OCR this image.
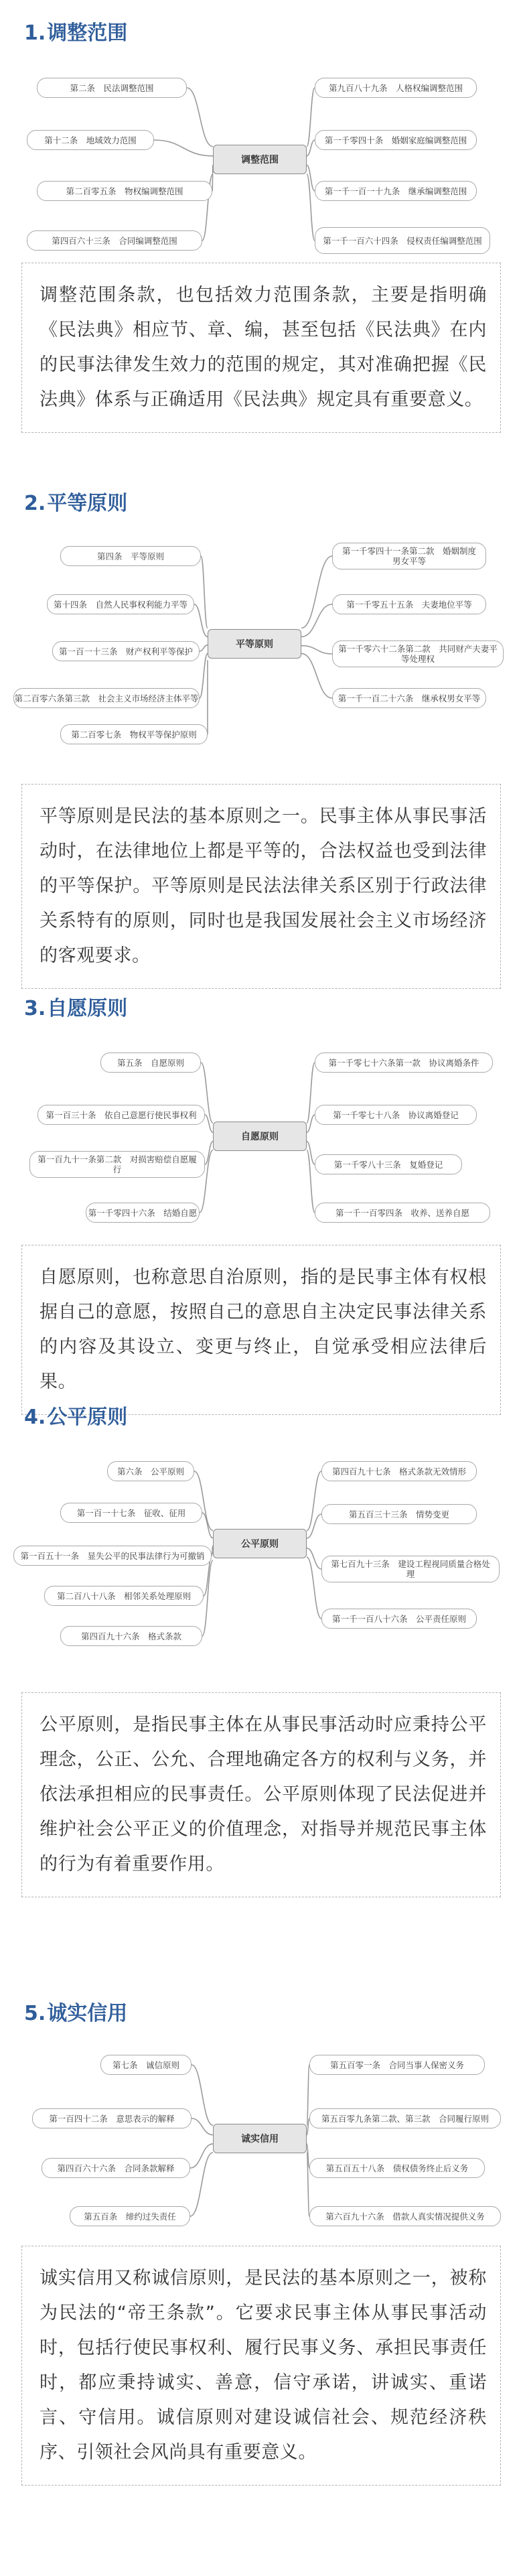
1.调整范围
调整范围
第二条　民法调整范围
第十二条　地域效力范围
第二百零五条　物权编调整范围
第四百六十三条　合同编调整范围
第九百八十九条　人格权编调整范围
第一千零四十条　婚姻家庭编调整范围
第一千一百一十九条　继承编调整范围
第一千一百六十四条　侵权责任编调整范围
调整范围条款，也包括效力范围条款，主要是指明确《民法典》相应节、章、编，甚至包括《民法典》在内的民事法律发生效力的范围的规定，其对准确把握《民法典》体系与正确适用《民法典》规定具有重要意义。
2.平等原则
平等原则
第四条　平等原则
第十四条　自然人民事权利能力平等
第一百一十三条　财产权利平等保护
第二百零六条第三款　社会主义市场经济主体平等
第二百零七条　物权平等保护原则
第一千零四十一条第二款　婚姻制度男女平等
第一千零五十五条　夫妻地位平等
第一千零六十二条第二款　共同财产夫妻平等处理权
第一千一百二十六条　继承权男女平等
平等原则是民法的基本原则之一。民事主体从事民事活动时，在法律地位上都是平等的，合法权益也受到法律的平等保护。平等原则是民法法律关系区别于行政法律关系特有的原则，同时也是我国发展社会主义市场经济的客观要求。
3.自愿原则
自愿原则
第五条　自愿原则
第一百三十条　依自己意愿行使民事权利
第一百九十一条第二款　对损害赔偿自愿履行
第一千零四十六条　结婚自愿
第一千零七十六条第一款　协议离婚条件
第一千零七十八条　协议离婚登记
第一千零八十三条　复婚登记
第一千一百零四条　收养、送养自愿
自愿原则，也称意思自治原则，指的是民事主体有权根据自己的意愿，按照自己的意思自主决定民事法律关系的内容及其设立、变更与终止，自觉承受相应法律后果。
4.公平原则
公平原则
第六条　公平原则
第一百一十七条　征收、征用
第一百五十一条　显失公平的民事法律行为可撤销
第二百八十八条　相邻关系处理原则
第四百九十六条　格式条款
第四百九十七条　格式条款无效情形
第五百三十三条　情势变更
第七百九十三条　建设工程视同质量合格处理
第一千一百八十六条　公平责任原则
公平原则，是指民事主体在从事民事活动时应秉持公平理念，公正、公允、合理地确定各方的权利与义务，并依法承担相应的民事责任。公平原则体现了民法促进并维护社会公平正义的价值理念，对指导并规范民事主体的行为有着重要作用。
5.诚实信用
诚实信用
第七条　诚信原则
第一百四十二条　意思表示的解释
第四百六十六条　合同条款解释
第五百条　缔约过失责任
第五百零一条　合同当事人保密义务
第五百零九条第二款、第三款　合同履行原则
第五百五十八条　债权债务终止后义务
第六百九十六条　借款人真实情况提供义务
诚实信用又称诚信原则，是民法的基本原则之一，被称为民法的“帝王条款”。它要求民事主体从事民事活动时，包括行使民事权利、履行民事义务、承担民事责任时，都应秉持诚实、善意，信守承诺，讲诚实、重诺言、守信用。诚信原则对建设诚信社会、规范经济秩序、引领社会风尚具有重要意义。
